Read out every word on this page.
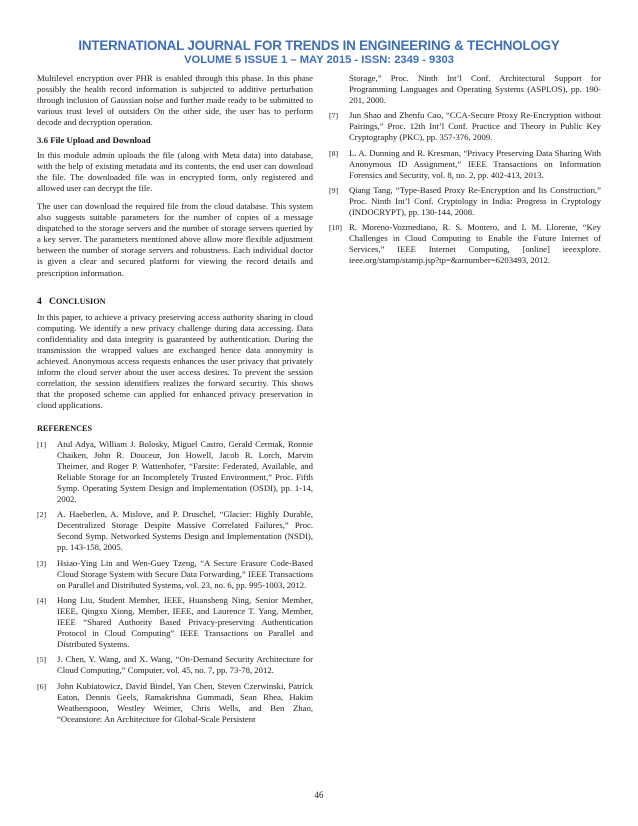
INTERNATIONAL JOURNAL FOR TRENDS IN ENGINEERING & TECHNOLOGY
VOLUME 5 ISSUE 1 – MAY 2015 - ISSN: 2349 - 9303

Multilevel encryption over PHR is enabled through this phase. In this phase possibly the health record information is subjected to additive perturbation through inclusion of Gaussian noise and further made ready to be submitted to various trust level of outsiders On the other side, the user has to perform decode and decryption operation.

3.6 File Upload and Download

In this module admin uploads the file (along with Meta data) into database, with the help of existing metadata and its contents, the end user can download the file. The downloaded file was in encrypted form, only registered and allowed user can decrypt the file.

The user can download the required file from the cloud database. This system also suggests suitable parameters for the number of copies of a message dispatched to the storage servers and the number of storage servers queried by a key server. The parameters mentioned above allow more flexible adjustment between the number of storage servers and robustness. Each individual doctor is given a clear and secured platform for viewing the record details and prescription information.

4 CONCLUSION

In this paper, to achieve a privacy preserving access authority sharing in cloud computing. We identify a new privacy challenge during data accessing. Data confidentiality and data integrity is guaranteed by authentication. During the transmission the wrapped values are exchanged hence data anonymity is achieved. Anonymous access requests enhances the user privacy that privately inform the cloud server about the user access desires. To prevent the session correlation, the session identifiers realizes the forward security. This shows that the proposed scheme can applied for enhanced privacy preservation in cloud applications.

REFERENCES
[1] Atul Adya, William J. Bolosky, Miguel Castro, Gerald Cermak, Ronnie Chaiken, John R. Douceur, Jon Howell, Jacob R. Lorch, Marvin Theimer, and Roger P. Wattenhofer, “Farsite: Federated, Available, and Reliable Storage for an Incompletely Trusted Environment,” Proc. Fifth Symp. Operating System Design and Implementation (OSDI), pp. 1-14, 2002.
[2] A. Haeberlen, A. Mislove, and P. Druschel, “Glacier: Highly Durable, Decentralized Storage Despite Massive Correlated Failures,” Proc. Second Symp. Networked Systems Design and Implementation (NSDI), pp. 143-158, 2005.
[3] Hsiao-Ying Lin and Wen-Guey Tzeng, “A Secure Erasure Code-Based Cloud Storage System with Secure Data Forwarding,” IEEE Transactions on Parallel and Distributed Systems, vol. 23, no. 6, pp. 995-1003, 2012.
[4] Hong Liu, Student Member, IEEE, Huansheng Ning, Senior Member, IEEE, Qingxu Xiong, Member, IEEE, and Laurence T. Yang, Member, IEEE “Shared Authority Based Privacy-preserving Authentication Protocol in Cloud Computing” IEEE Transactions on Parallel and Distributed Systems.
[5] J. Chen, Y. Wang, and X. Wang, “On-Demand Security Architecture for Cloud Computing,” Computer, vol. 45, no. 7, pp. 73-78, 2012.
[6] John Kubiatowicz, David Bindel, Yan Chen, Steven Czerwinski, Patrick Eaton, Dennis Geels, Ramakrishna Gummadi, Sean Rhea, Hakim Weatherspoon, Westley Weimer, Chris Wells, and Ben Zhao, “Oceanstore: An Architecture for Global-Scale Persistent
Storage,” Proc. Ninth Int’l Conf. Architectural Support for Programming Languages and Operating Systems (ASPLOS), pp. 190- 201, 2000.
[7] Jun Shao and Zhenfu Cao, “CCA-Secure Proxy Re-Encryption without Pairings,” Proc. 12th Int’l Conf. Practice and Theory in Public Key Cryptography (PKC), pp. 357-376, 2009.
[8] L. A. Dunning and R. Kresman, “Privacy Preserving Data Sharing With Anonymous ID Assignment,” IEEE Transactions on Information Forensics and Security, vol. 8, no. 2, pp. 402-413, 2013.
[9] Qiang Tang, “Type-Based Proxy Re-Encryption and Its Construction,” Proc. Ninth Int’l Conf. Cryptology in India: Progress in Cryptology (INDOCRYPT), pp. 130-144, 2008.
[10] R. Moreno-Vozmediano, R. S. Montero, and I. M. Llorente, “Key Challenges in Cloud Computing to Enable the Future Internet of Services,” IEEE Internet Computing, [online] ieeexplore. ieee.org/stamp/stamp.jsp?tp=&arnumber=6203493, 2012.
46
